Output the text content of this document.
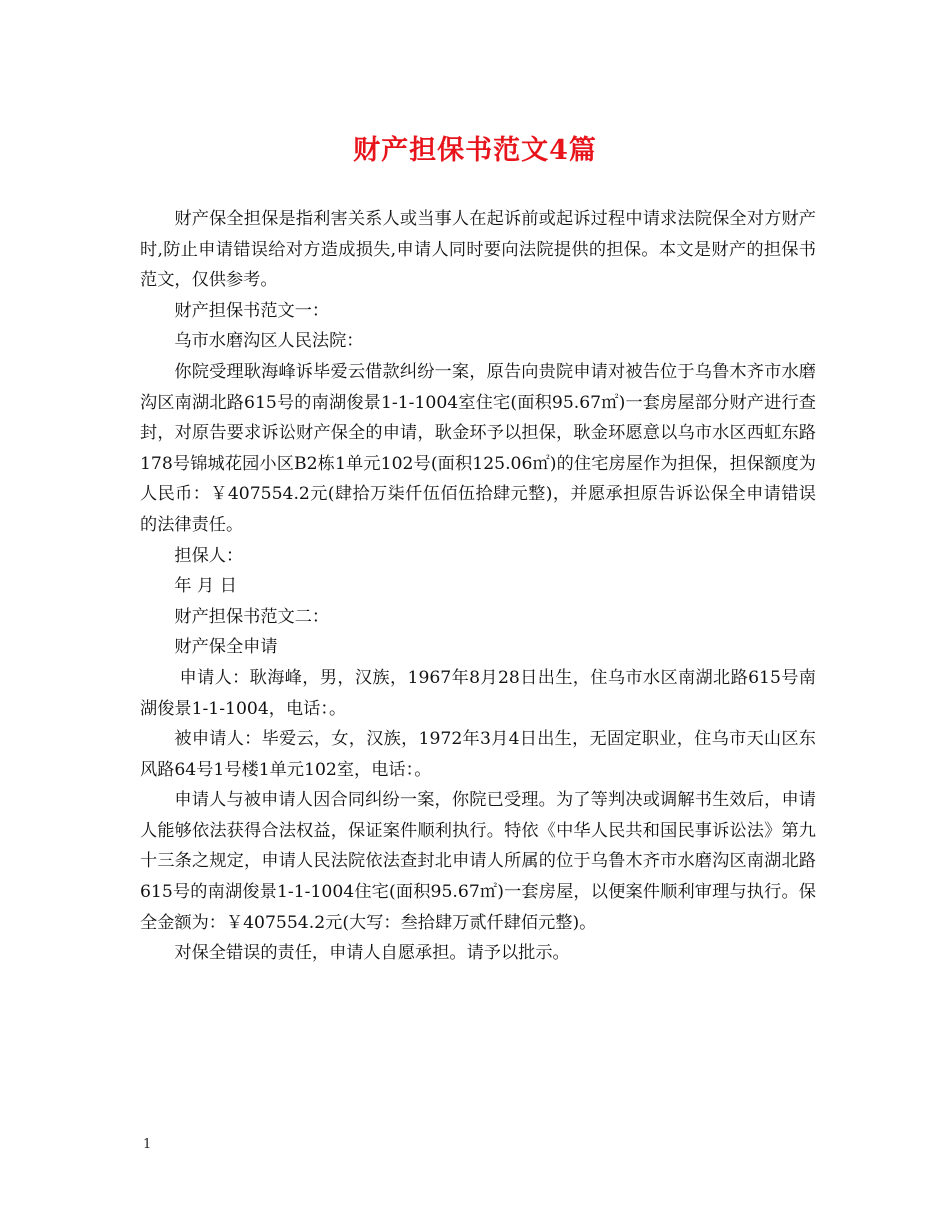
财产担保书范文4篇

财产保全担保是指利害关系人或当事人在起诉前或起诉过程中请求法院保全对方财产时,防止申请错误给对方造成损失,申请人同时要向法院提供的担保。本文是财产的担保书范文，仅供参考。

财产担保书范文一：

乌市水磨沟区人民法院：

你院受理耿海峰诉毕爱云借款纠纷一案，原告向贵院申请对被告位于乌鲁木齐市水磨沟区南湖北路615号的南湖俊景1-1-1004室住宅(面积95.67㎡)一套房屋部分财产进行查封，对原告要求诉讼财产保全的申请，耿金环予以担保，耿金环愿意以乌市水区西虹东路178号锦城花园小区B2栋1单元102号(面积125.06㎡)的住宅房屋作为担保，担保额度为人民币：￥407554.2元(肆拾万柒仟伍佰伍拾肆元整)，并愿承担原告诉讼保全申请错误的法律责任。

担保人：

年 月 日

财产担保书范文二：

财产保全申请

申请人：耿海峰，男，汉族，1967年8月28日出生，住乌市水区南湖北路615号南湖俊景1-1-1004，电话：。

被申请人：毕爱云，女，汉族，1972年3月4日出生，无固定职业，住乌市天山区东风路64号1号楼1单元102室，电话：。

申请人与被申请人因合同纠纷一案，你院已受理。为了等判决或调解书生效后，申请人能够依法获得合法权益，保证案件顺利执行。特依《中华人民共和国民事诉讼法》第九十三条之规定，申请人民法院依法查封北申请人所属的位于乌鲁木齐市水磨沟区南湖北路615号的南湖俊景1-1-1004住宅(面积95.67㎡)一套房屋，以便案件顺利审理与执行。保全金额为：￥407554.2元(大写：叁拾肆万贰仟肆佰元整)。

对保全错误的责任，申请人自愿承担。请予以批示。

1
